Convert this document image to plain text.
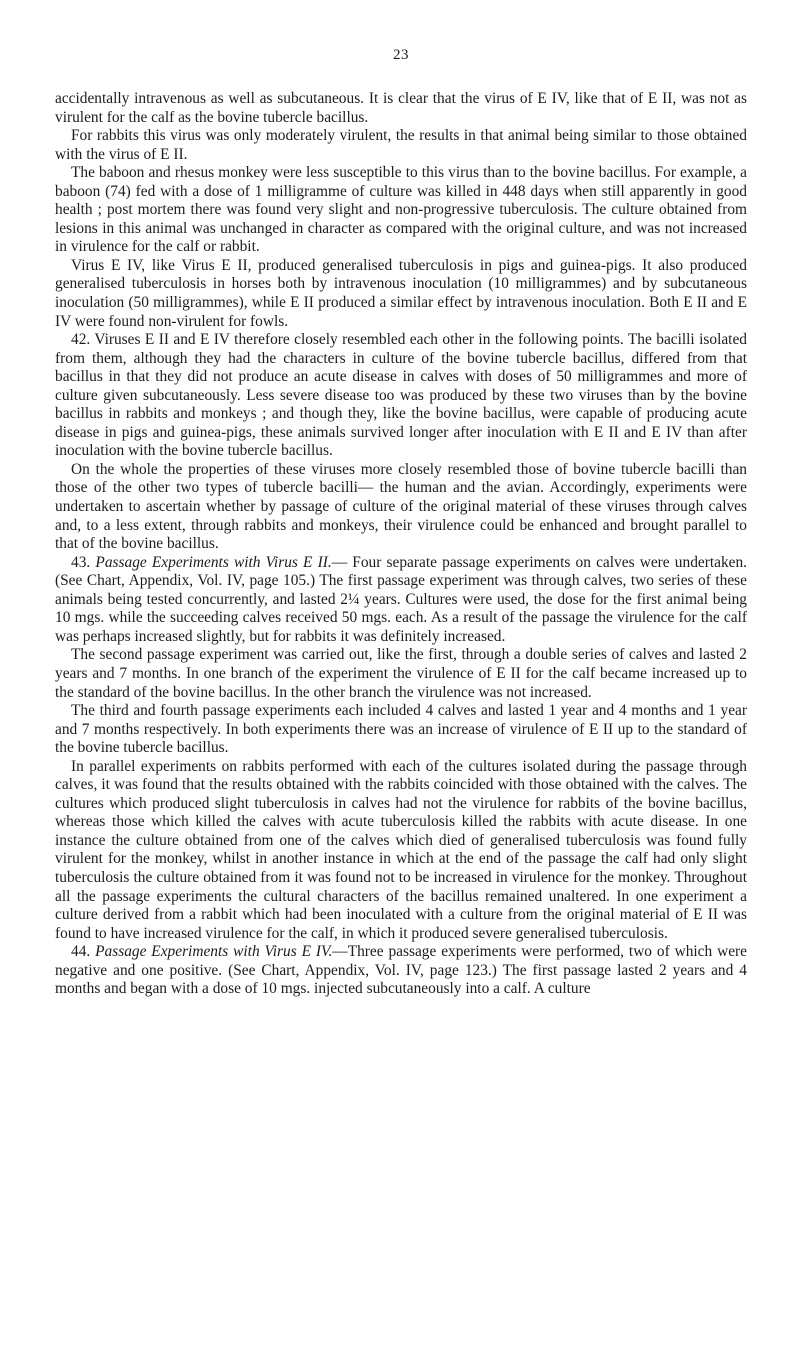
23

accidentally intravenous as well as subcutaneous. It is clear that the virus of E IV, like that of E II, was not as virulent for the calf as the bovine tubercle bacillus.

For rabbits this virus was only moderately virulent, the results in that animal being similar to those obtained with the virus of E II.

The baboon and rhesus monkey were less susceptible to this virus than to the bovine bacillus. For example, a baboon (74) fed with a dose of 1 milligramme of culture was killed in 448 days when still apparently in good health ; post mortem there was found very slight and non-progressive tuberculosis. The culture obtained from lesions in this animal was unchanged in character as compared with the original culture, and was not increased in virulence for the calf or rabbit.

Virus E IV, like Virus E II, produced generalised tuberculosis in pigs and guinea-pigs. It also produced generalised tuberculosis in horses both by intravenous inoculation (10 milligrammes) and by subcutaneous inoculation (50 milligrammes), while E II produced a similar effect by intravenous inoculation. Both E II and E IV were found non-virulent for fowls.

42. Viruses E II and E IV therefore closely resembled each other in the following points. The bacilli isolated from them, although they had the characters in culture of the bovine tubercle bacillus, differed from that bacillus in that they did not produce an acute disease in calves with doses of 50 milligrammes and more of culture given subcutaneously. Less severe disease too was produced by these two viruses than by the bovine bacillus in rabbits and monkeys ; and though they, like the bovine bacillus, were capable of producing acute disease in pigs and guinea-pigs, these animals survived longer after inoculation with E II and E IV than after inoculation with the bovine tubercle bacillus.

On the whole the properties of these viruses more closely resembled those of bovine tubercle bacilli than those of the other two types of tubercle bacilli— the human and the avian. Accordingly, experiments were undertaken to ascertain whether by passage of culture of the original material of these viruses through calves and, to a less extent, through rabbits and monkeys, their virulence could be enhanced and brought parallel to that of the bovine bacillus.

43. Passage Experiments with Virus E II.— Four separate passage experiments on calves were undertaken. (See Chart, Appendix, Vol. IV, page 105.) The first passage experiment was through calves, two series of these animals being tested concurrently, and lasted 2¼ years. Cultures were used, the dose for the first animal being 10 mgs. while the succeeding calves received 50 mgs. each. As a result of the passage the virulence for the calf was perhaps increased slightly, but for rabbits it was definitely increased.

The second passage experiment was carried out, like the first, through a double series of calves and lasted 2 years and 7 months. In one branch of the experiment the virulence of E II for the calf became increased up to the standard of the bovine bacillus. In the other branch the virulence was not increased.

The third and fourth passage experiments each included 4 calves and lasted 1 year and 4 months and 1 year and 7 months respectively. In both experiments there was an increase of virulence of E II up to the standard of the bovine tubercle bacillus.

In parallel experiments on rabbits performed with each of the cultures isolated during the passage through calves, it was found that the results obtained with the rabbits coincided with those obtained with the calves. The cultures which produced slight tuberculosis in calves had not the virulence for rabbits of the bovine bacillus, whereas those which killed the calves with acute tuberculosis killed the rabbits with acute disease. In one instance the culture obtained from one of the calves which died of generalised tuberculosis was found fully virulent for the monkey, whilst in another instance in which at the end of the passage the calf had only slight tuberculosis the culture obtained from it was found not to be increased in virulence for the monkey. Throughout all the passage experiments the cultural characters of the bacillus remained unaltered. In one experiment a culture derived from a rabbit which had been inoculated with a culture from the original material of E II was found to have increased virulence for the calf, in which it produced severe generalised tuberculosis.

44. Passage Experiments with Virus E IV.—Three passage experiments were performed, two of which were negative and one positive. (See Chart, Appendix, Vol. IV, page 123.) The first passage lasted 2 years and 4 months and began with a dose of 10 mgs. injected subcutaneously into a calf. A culture
